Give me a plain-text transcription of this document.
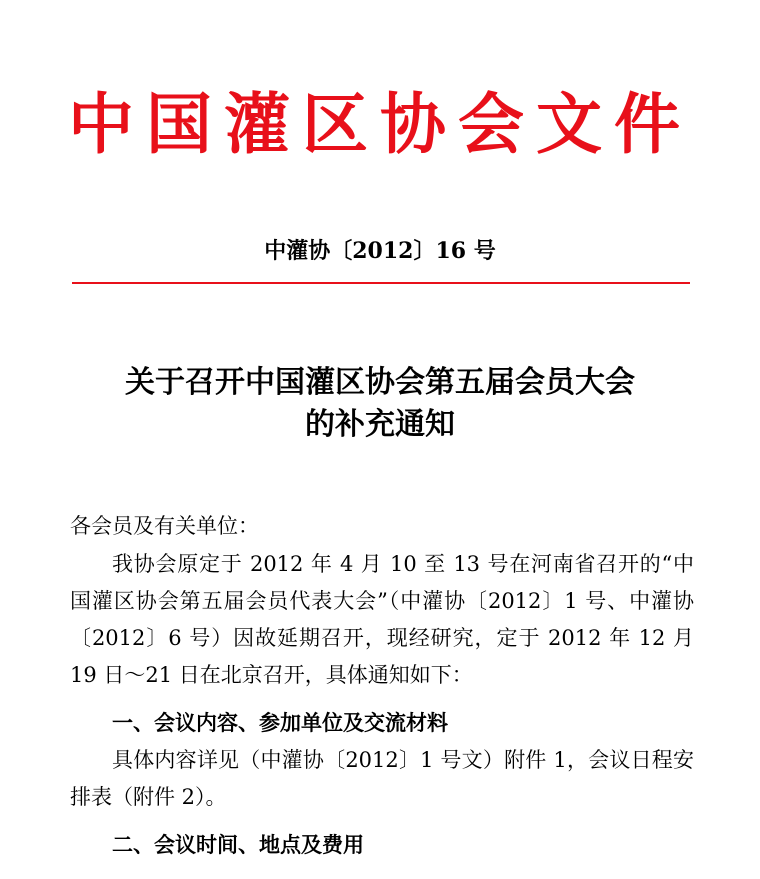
中国灌区协会文件
中灌协〔2012〕16 号
关于召开中国灌区协会第五届会员大会
的补充通知
各会员及有关单位：
我协会原定于 2012 年 4 月 10 至 13 号在河南省召开的“中国灌区协会第五届会员代表大会”（中灌协〔2012〕1 号、中灌协〔2012〕6 号）因故延期召开，现经研究，定于 2012 年 12 月 19 日～21 日在北京召开，具体通知如下：
一、会议内容、参加单位及交流材料
具体内容详见（中灌协〔2012〕1 号文）附件 1，会议日程安排表（附件 2）。
二、会议时间、地点及费用
